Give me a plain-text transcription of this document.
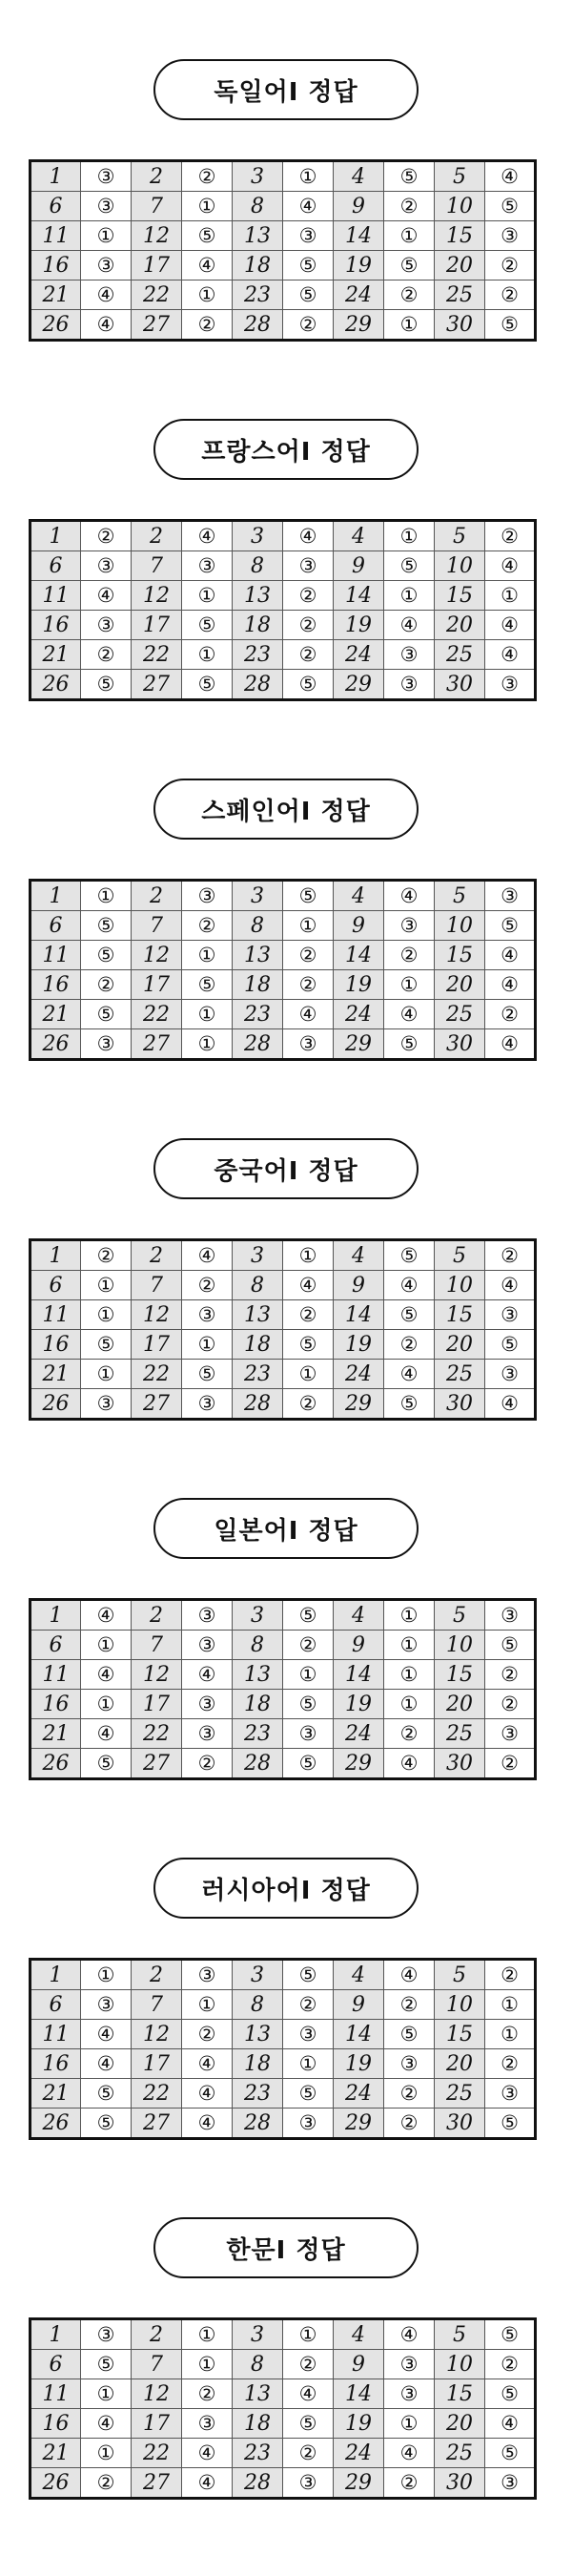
독일어Ⅰ 정답
1	③	2	②	3	①	4	⑤	5	④
6	③	7	①	8	④	9	②	10	⑤
11	①	12	⑤	13	③	14	①	15	③
16	③	17	④	18	⑤	19	⑤	20	②
21	④	22	①	23	⑤	24	②	25	②
26	④	27	②	28	②	29	①	30	⑤
프랑스어Ⅰ 정답
1	②	2	④	3	④	4	①	5	②
6	③	7	③	8	③	9	⑤	10	④
11	④	12	①	13	②	14	①	15	①
16	③	17	⑤	18	②	19	④	20	④
21	②	22	①	23	②	24	③	25	④
26	⑤	27	⑤	28	⑤	29	③	30	③
스페인어Ⅰ 정답
1	①	2	③	3	⑤	4	④	5	③
6	⑤	7	②	8	①	9	③	10	⑤
11	⑤	12	①	13	②	14	②	15	④
16	②	17	⑤	18	②	19	①	20	④
21	⑤	22	①	23	④	24	④	25	②
26	③	27	①	28	③	29	⑤	30	④
중국어Ⅰ 정답
1	②	2	④	3	①	4	⑤	5	②
6	①	7	②	8	④	9	④	10	④
11	①	12	③	13	②	14	⑤	15	③
16	⑤	17	①	18	⑤	19	②	20	⑤
21	①	22	⑤	23	①	24	④	25	③
26	③	27	③	28	②	29	⑤	30	④
일본어Ⅰ 정답
1	④	2	③	3	⑤	4	①	5	③
6	①	7	③	8	②	9	①	10	⑤
11	④	12	④	13	①	14	①	15	②
16	①	17	③	18	⑤	19	①	20	②
21	④	22	③	23	③	24	②	25	③
26	⑤	27	②	28	⑤	29	④	30	②
러시아어Ⅰ 정답
1	①	2	③	3	⑤	4	④	5	②
6	③	7	①	8	②	9	②	10	①
11	④	12	②	13	③	14	⑤	15	①
16	④	17	④	18	①	19	③	20	②
21	⑤	22	④	23	⑤	24	②	25	③
26	⑤	27	④	28	③	29	②	30	⑤
한문Ⅰ 정답
1	③	2	①	3	①	4	④	5	⑤
6	⑤	7	①	8	②	9	③	10	②
11	①	12	②	13	④	14	③	15	⑤
16	④	17	③	18	⑤	19	①	20	④
21	①	22	④	23	②	24	④	25	⑤
26	②	27	④	28	③	29	②	30	③
